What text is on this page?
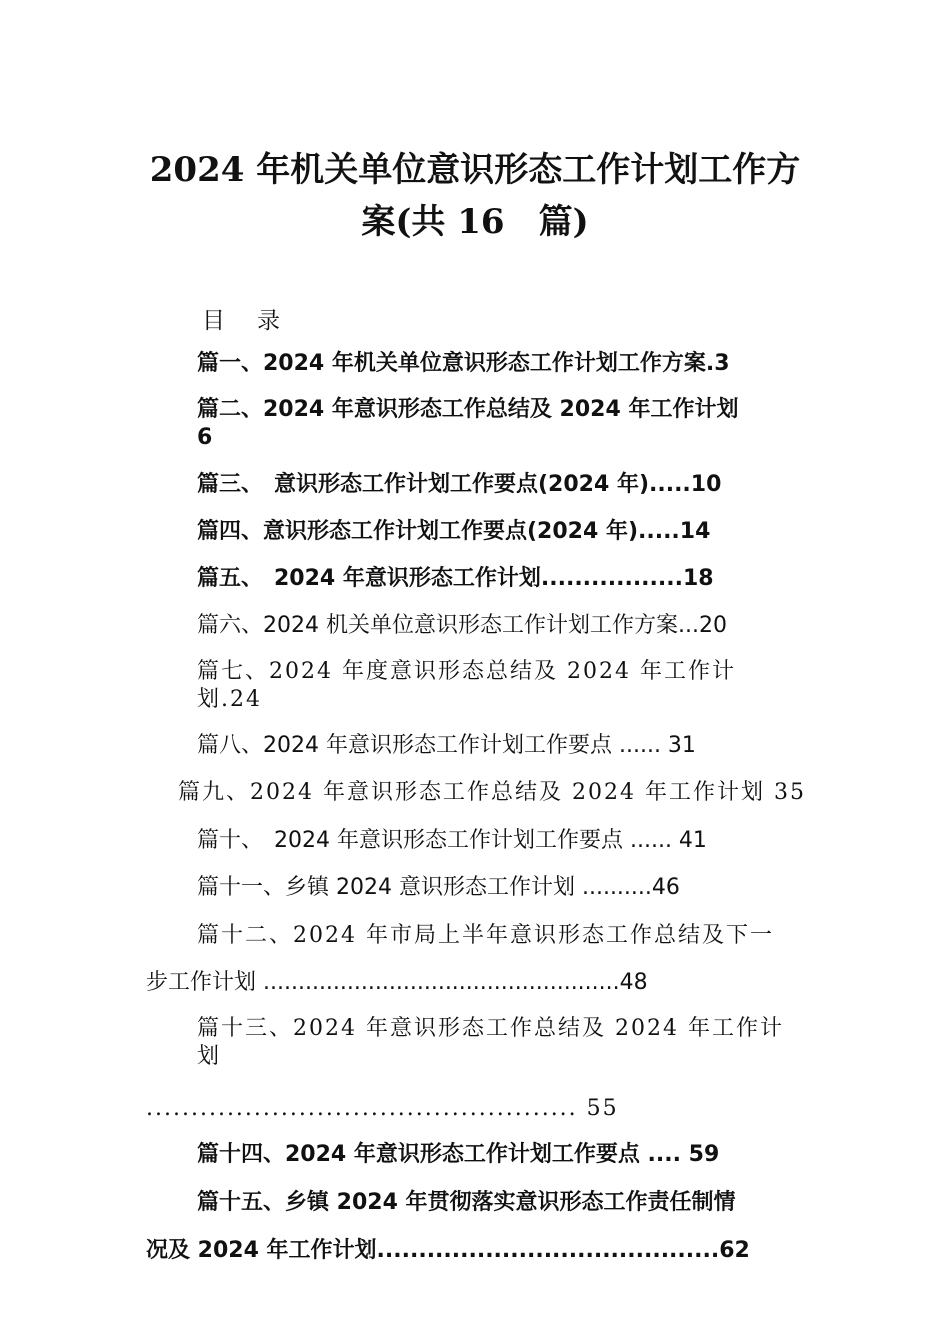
2024 年机关单位意识形态工作计划工作方
案(共 16　篇)
目 录
篇一、2024 年机关单位意识形态工作计划工作方案.3
篇二、2024 年意识形态工作总结及 2024 年工作计划
6
篇三、　意识形态工作计划工作要点(2024 年).....10
篇四、意识形态工作计划工作要点(2024 年).....14
篇五、　2024 年意识形态工作计划.................18
篇六、2024 机关单位意识形态工作计划工作方案...20
篇七、2024 年度意识形态总结及 2024 年工作计
划.24
篇八、2024 年意识形态工作计划工作要点 ...... 31
篇九、2024 年意识形态工作总结及 2024 年工作计划 35
篇十、　2024 年意识形态工作计划工作要点 ...... 41
篇十一、乡镇 2024 意识形态工作计划 ..........46
篇十二、2024 年市局上半年意识形态工作总结及下一
步工作计划 ...................................................48
篇十三、2024 年意识形态工作总结及 2024 年工作计
划
................................................ 55
篇十四、2024 年意识形态工作计划工作要点 .... 59
篇十五、乡镇 2024 年贯彻落实意识形态工作责任制情
况及 2024 年工作计划.........................................62
